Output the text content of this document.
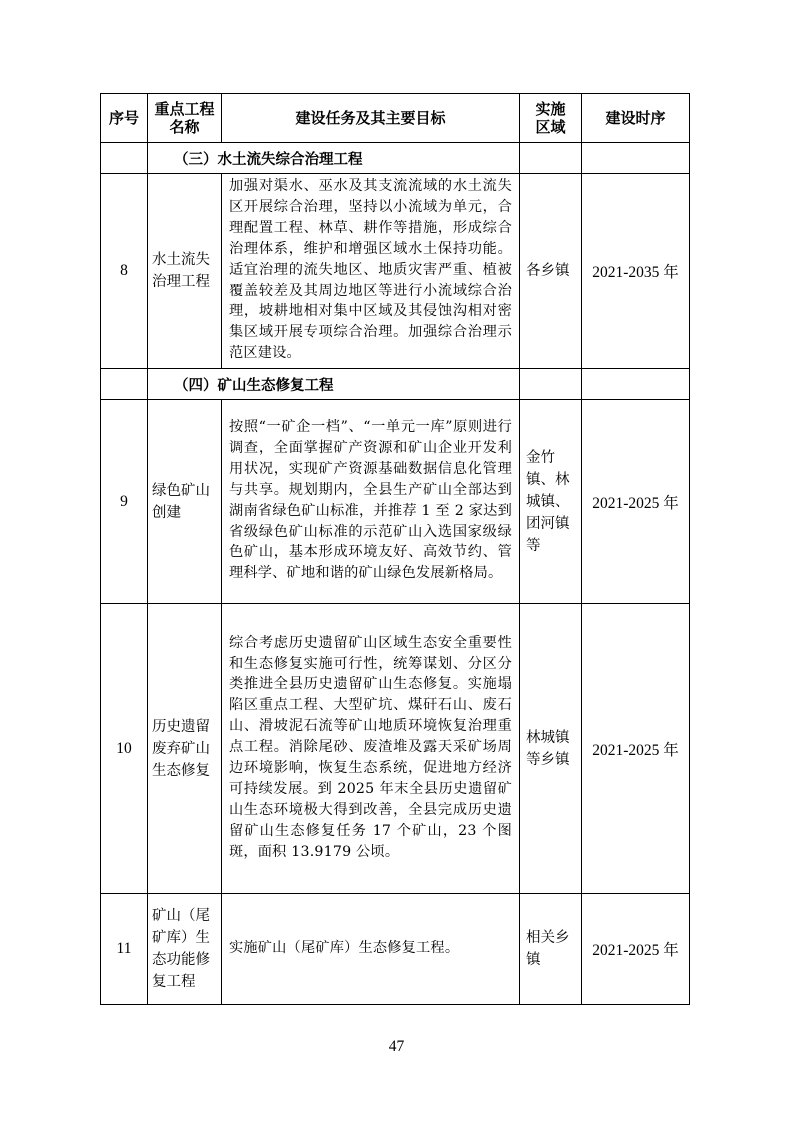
序号	重点工程名称	建设任务及其主要目标	实施区域	建设时序
	（三）水土流失综合治理工程			
8	水土流失治理工程	加强对渠水、巫水及其支流流域的水土流失区开展综合治理，坚持以小流域为单元，合理配置工程、林草、耕作等措施，形成综合治理体系，维护和增强区域水土保持功能。适宜治理的流失地区、地质灾害严重、植被覆盖较差及其周边地区等进行小流域综合治理，坡耕地相对集中区域及其侵蚀沟相对密集区域开展专项综合治理。加强综合治理示范区建设。	各乡镇	2021-2035 年
	（四）矿山生态修复工程			
9	绿色矿山创建	按照“一矿企一档”、“一单元一库”原则进行调查，全面掌握矿产资源和矿山企业开发利用状况，实现矿产资源基础数据信息化管理与共享。规划期内，全县生产矿山全部达到湖南省绿色矿山标准，并推荐 1 至 2 家达到省级绿色矿山标准的示范矿山入选国家级绿色矿山，基本形成环境友好、高效节约、管理科学、矿地和谐的矿山绿色发展新格局。	金竹镇、林城镇、团河镇等	2021-2025 年
10	历史遗留废弃矿山生态修复	综合考虑历史遗留矿山区域生态安全重要性和生态修复实施可行性，统筹谋划、分区分类推进全县历史遗留矿山生态修复。实施塌陷区重点工程、大型矿坑、煤矸石山、废石山、滑坡泥石流等矿山地质环境恢复治理重点工程。消除尾砂、废渣堆及露天采矿场周边环境影响，恢复生态系统，促进地方经济可持续发展。到 2025 年末全县历史遗留矿山生态环境极大得到改善，全县完成历史遗留矿山生态修复任务 17 个矿山，23 个图斑，面积 13.9179 公顷。	林城镇等乡镇	2021-2025 年
11	矿山（尾矿库）生态功能修复工程	实施矿山（尾矿库）生态修复工程。	相关乡镇	2021-2025 年
47
